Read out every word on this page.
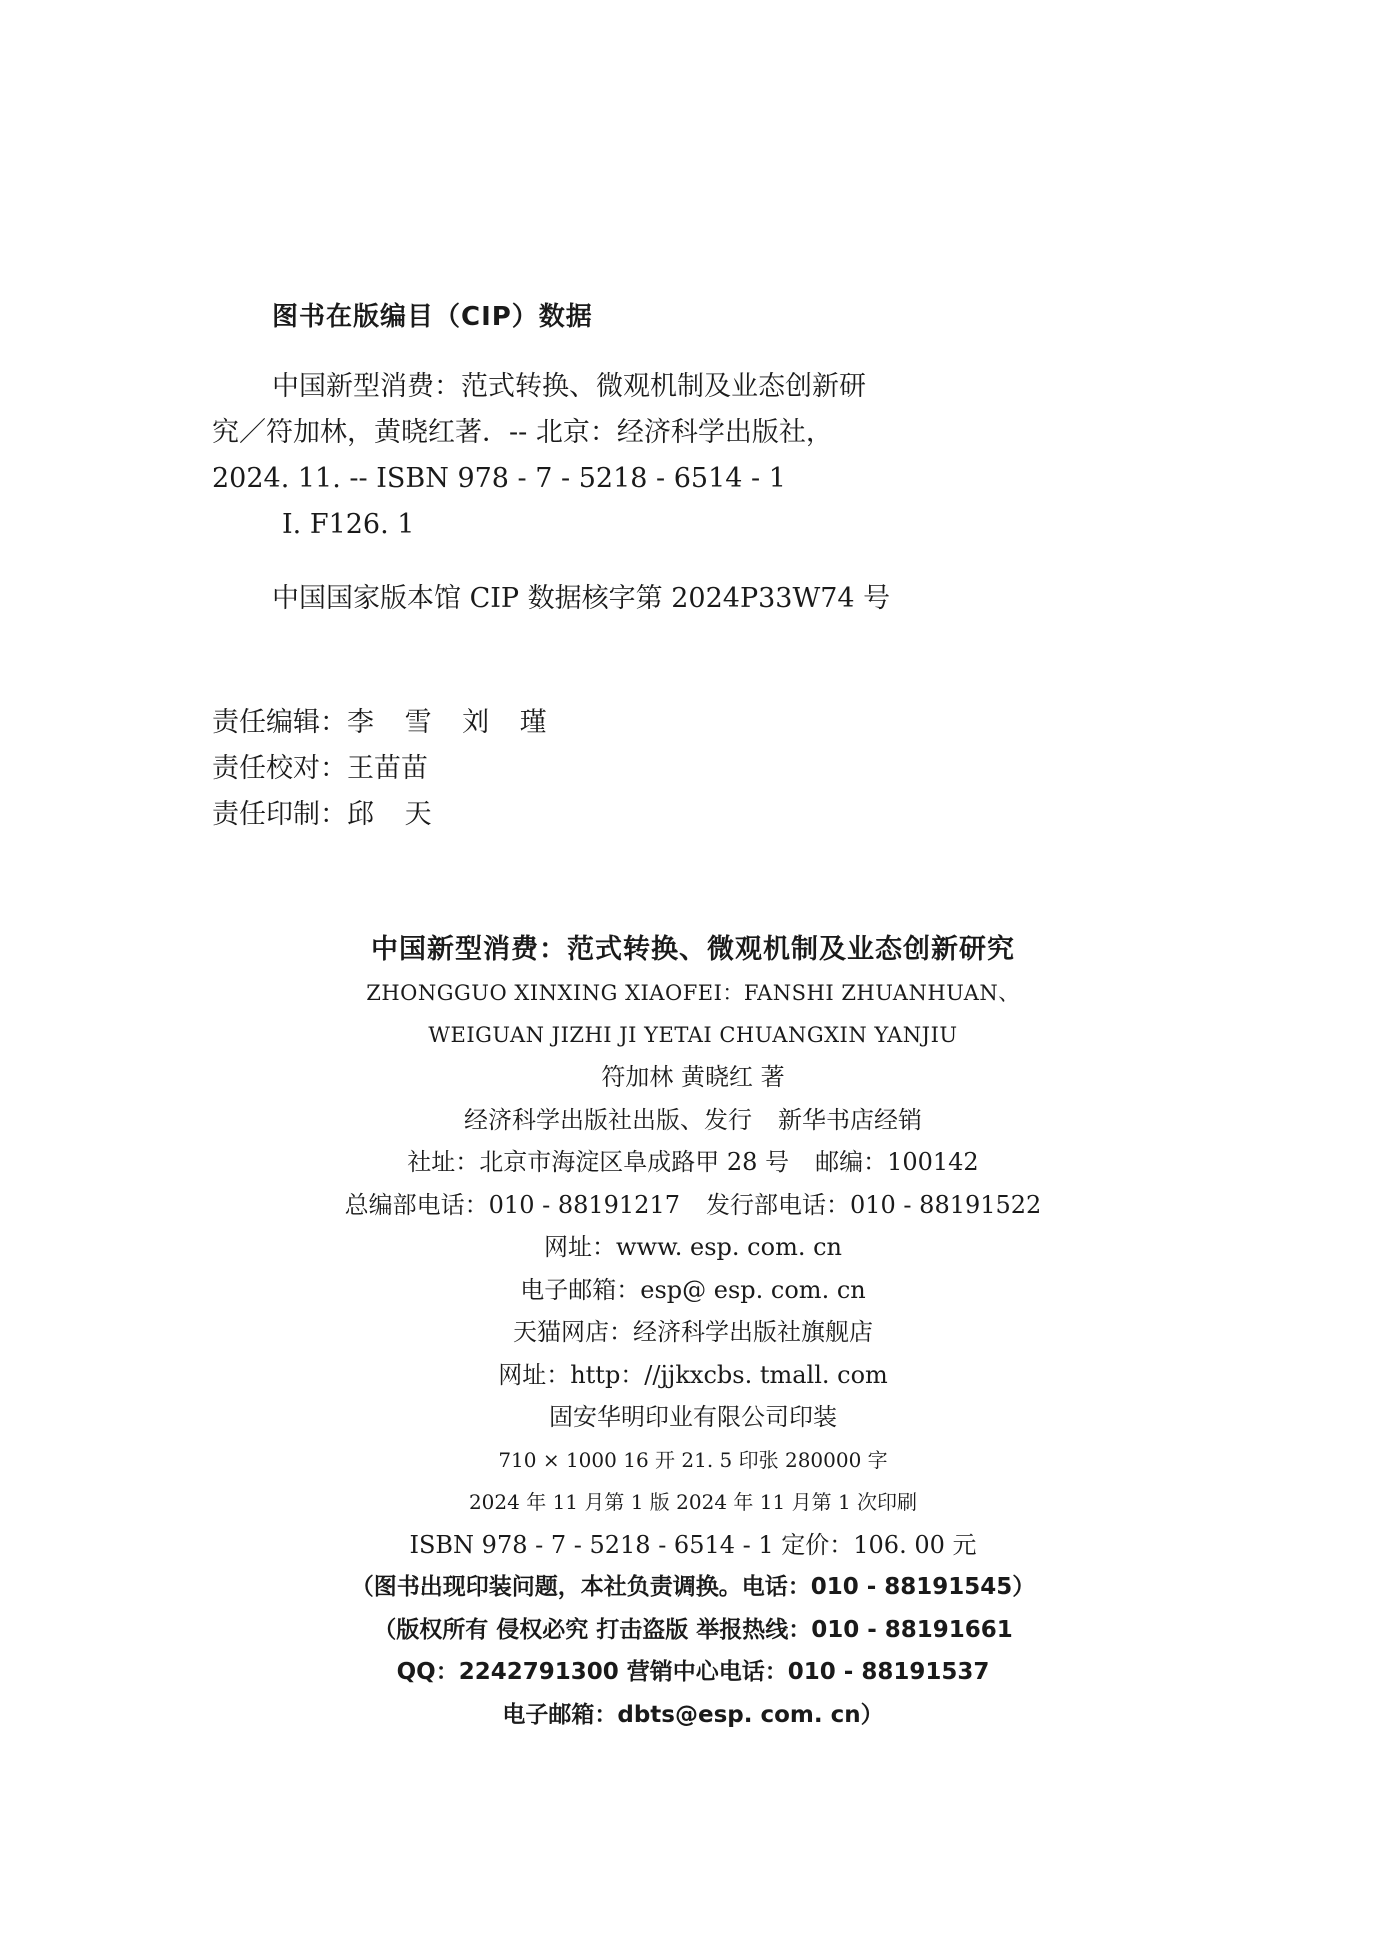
图书在版编目（CIP）数据

中国新型消费：范式转换、微观机制及业态创新研
究／符加林，黄晓红著．-- 北京：经济科学出版社，
2024. 11. -- ISBN 978 - 7 - 5218 - 6514 - 1

Ⅰ. F126. 1

中国国家版本馆 CIP 数据核字第 2024P33W74 号

责任编辑：李 雪 刘 瑾
责任校对：王苗苗
责任印制：邱 天
中国新型消费：范式转换、微观机制及业态创新研究
ZHONGGUO XINXING XIAOFEI：FANSHI ZHUANHUAN、
WEIGUAN JIZHI JI YETAI CHUANGXIN YANJIU
符加林 黄晓红 著
经济科学出版社出版、发行 新华书店经销
社址：北京市海淀区阜成路甲 28 号 邮编：100142
总编部电话：010 - 88191217 发行部电话：010 - 88191522
网址：www. esp. com. cn
电子邮箱：esp@ esp. com. cn
天猫网店：经济科学出版社旗舰店
网址：http：//jjkxcbs. tmall. com
固安华明印业有限公司印装
710 × 1000 16 开 21. 5 印张 280000 字
2024 年 11 月第 1 版 2024 年 11 月第 1 次印刷
ISBN 978 - 7 - 5218 - 6514 - 1 定价：106. 00 元
（图书出现印装问题，本社负责调换。电话：010 - 88191545）
（版权所有 侵权必究 打击盗版 举报热线：010 - 88191661
QQ：2242791300 营销中心电话：010 - 88191537
电子邮箱：dbts@esp. com. cn）
